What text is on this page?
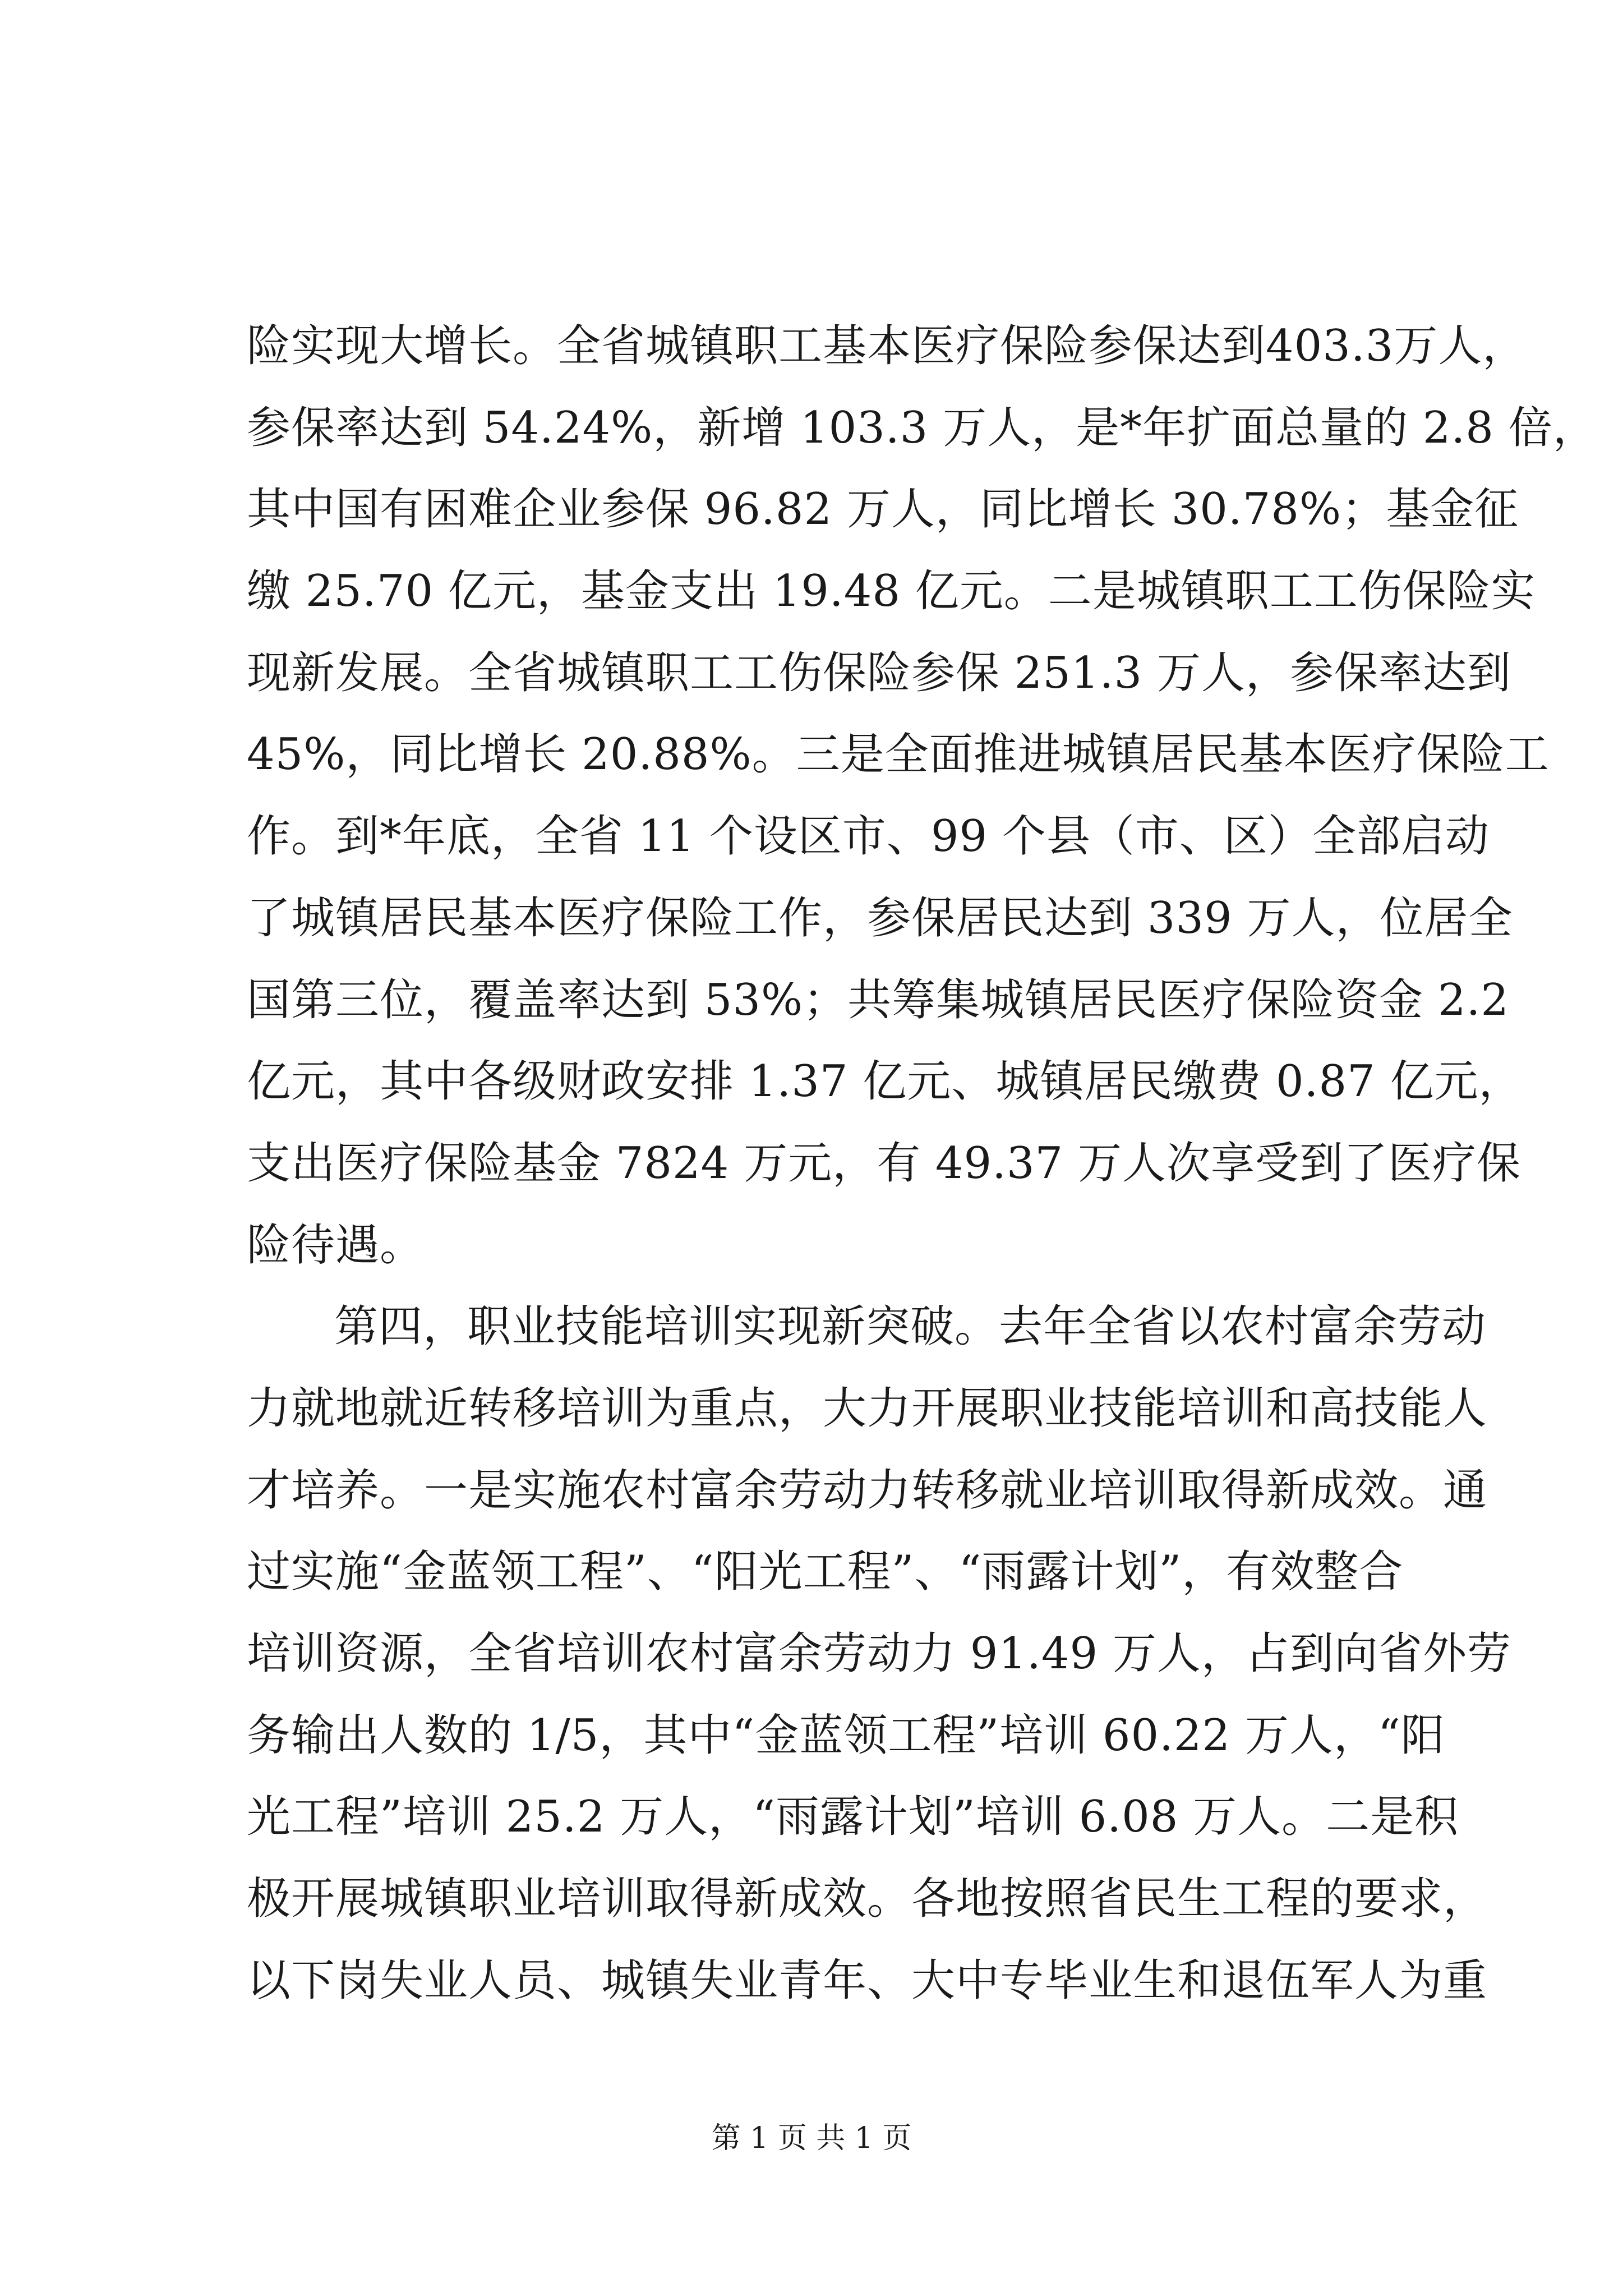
险实现大增长。全省城镇职工基本医疗保险参保达到403.3万人，
参保率达到 54.24%，新增 103.3 万人，是*年扩面总量的 2.8 倍，
其中国有困难企业参保 96.82 万人，同比增长 30.78%；基金征
缴 25.70 亿元，基金支出 19.48 亿元。二是城镇职工工伤保险实
现新发展。全省城镇职工工伤保险参保 251.3 万人，参保率达到
45%，同比增长 20.88%。三是全面推进城镇居民基本医疗保险工
作。到*年底，全省 11 个设区市、99 个县（市、区）全部启动
了城镇居民基本医疗保险工作，参保居民达到 339 万人，位居全
国第三位，覆盖率达到 53%；共筹集城镇居民医疗保险资金 2.2
亿元，其中各级财政安排 1.37 亿元、城镇居民缴费 0.87 亿元，
支出医疗保险基金 7824 万元，有 49.37 万人次享受到了医疗保
险待遇。
第四，职业技能培训实现新突破。去年全省以农村富余劳动
力就地就近转移培训为重点，大力开展职业技能培训和高技能人
才培养。一是实施农村富余劳动力转移就业培训取得新成效。通
过实施“金蓝领工程”、“阳光工程”、“雨露计划”，有效整合
培训资源，全省培训农村富余劳动力 91.49 万人，占到向省外劳
务输出人数的 1/5，其中“金蓝领工程”培训 60.22 万人，“阳
光工程”培训 25.2 万人，“雨露计划”培训 6.08 万人。二是积
极开展城镇职业培训取得新成效。各地按照省民生工程的要求，
以下岗失业人员、城镇失业青年、大中专毕业生和退伍军人为重
第 1 页 共 1 页
